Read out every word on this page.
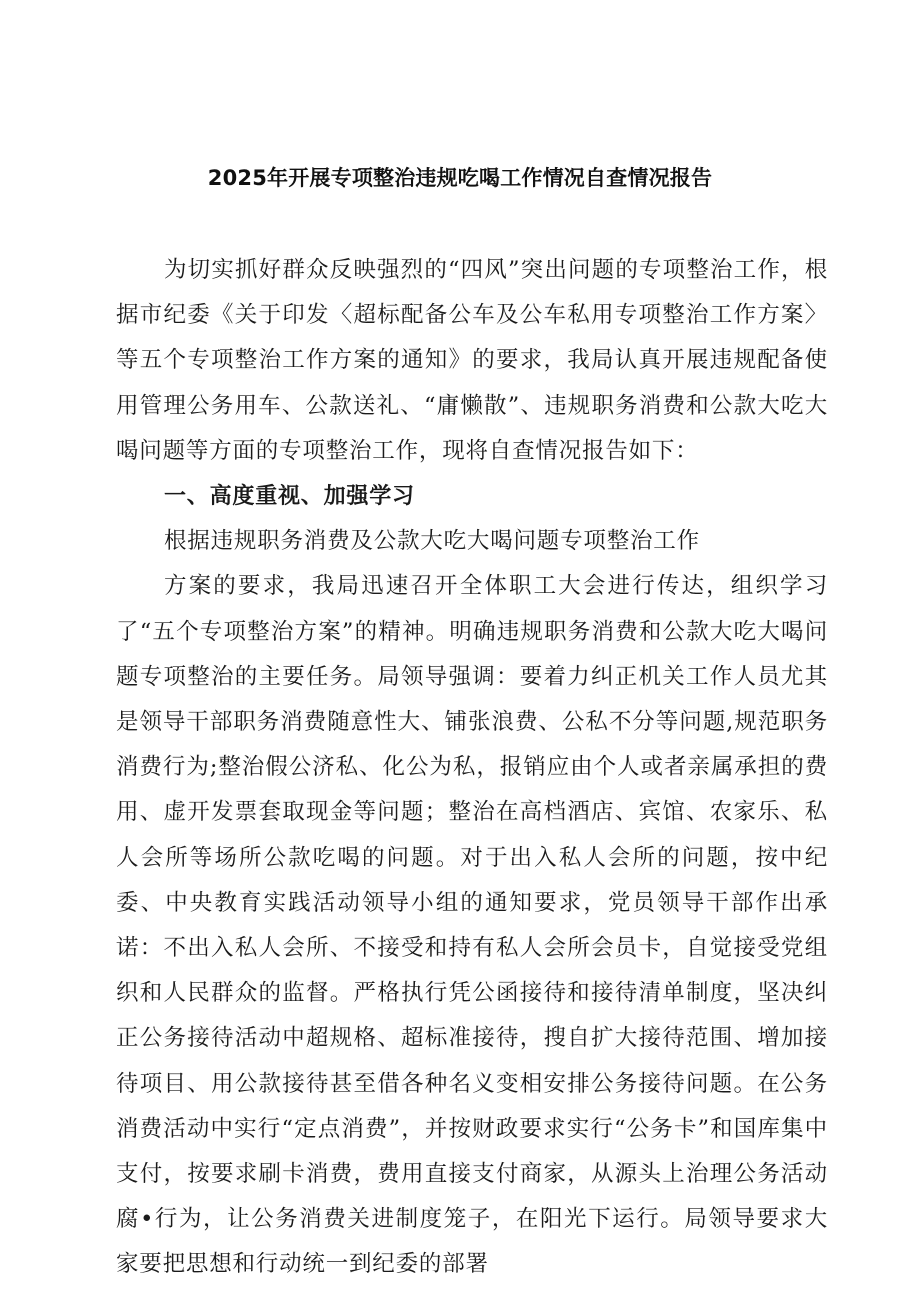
2025年开展专项整治违规吃喝工作情况自查情况报告

为切实抓好群众反映强烈的“四风”突出问题的专项整治工作，根据市纪委《关于印发〈超标配备公车及公车私用专项整治工作方案〉等五个专项整治工作方案的通知》的要求，我局认真开展违规配备使用管理公务用车、公款送礼、“庸懒散”、违规职务消费和公款大吃大喝问题等方面的专项整治工作，现将自查情况报告如下：

一、高度重视、加强学习

根据违规职务消费及公款大吃大喝问题专项整治工作

方案的要求，我局迅速召开全体职工大会进行传达，组织学习了“五个专项整治方案”的精神。明确违规职务消费和公款大吃大喝问题专项整治的主要任务。局领导强调：要着力纠正机关工作人员尤其是领导干部职务消费随意性大、铺张浪费、公私不分等问题,规范职务消费行为;整治假公济私、化公为私，报销应由个人或者亲属承担的费用、虚开发票套取现金等问题；整治在高档酒店、宾馆、农家乐、私人会所等场所公款吃喝的问题。对于出入私人会所的问题，按中纪委、中央教育实践活动领导小组的通知要求，党员领导干部作出承诺：不出入私人会所、不接受和持有私人会所会员卡，自觉接受党组织和人民群众的监督。严格执行凭公函接待和接待清单制度，坚决纠正公务接待活动中超规格、超标准接待，搜自扩大接待范围、增加接待项目、用公款接待甚至借各种名义变相安排公务接待问题。在公务消费活动中实行“定点消费”，并按财政要求实行“公务卡”和国库集中支付，按要求刷卡消费，费用直接支付商家，从源头上治理公务活动腐•行为，让公务消费关进制度笼子，在阳光下运行。局领导要求大家要把思想和行动统一到纪委的部署
